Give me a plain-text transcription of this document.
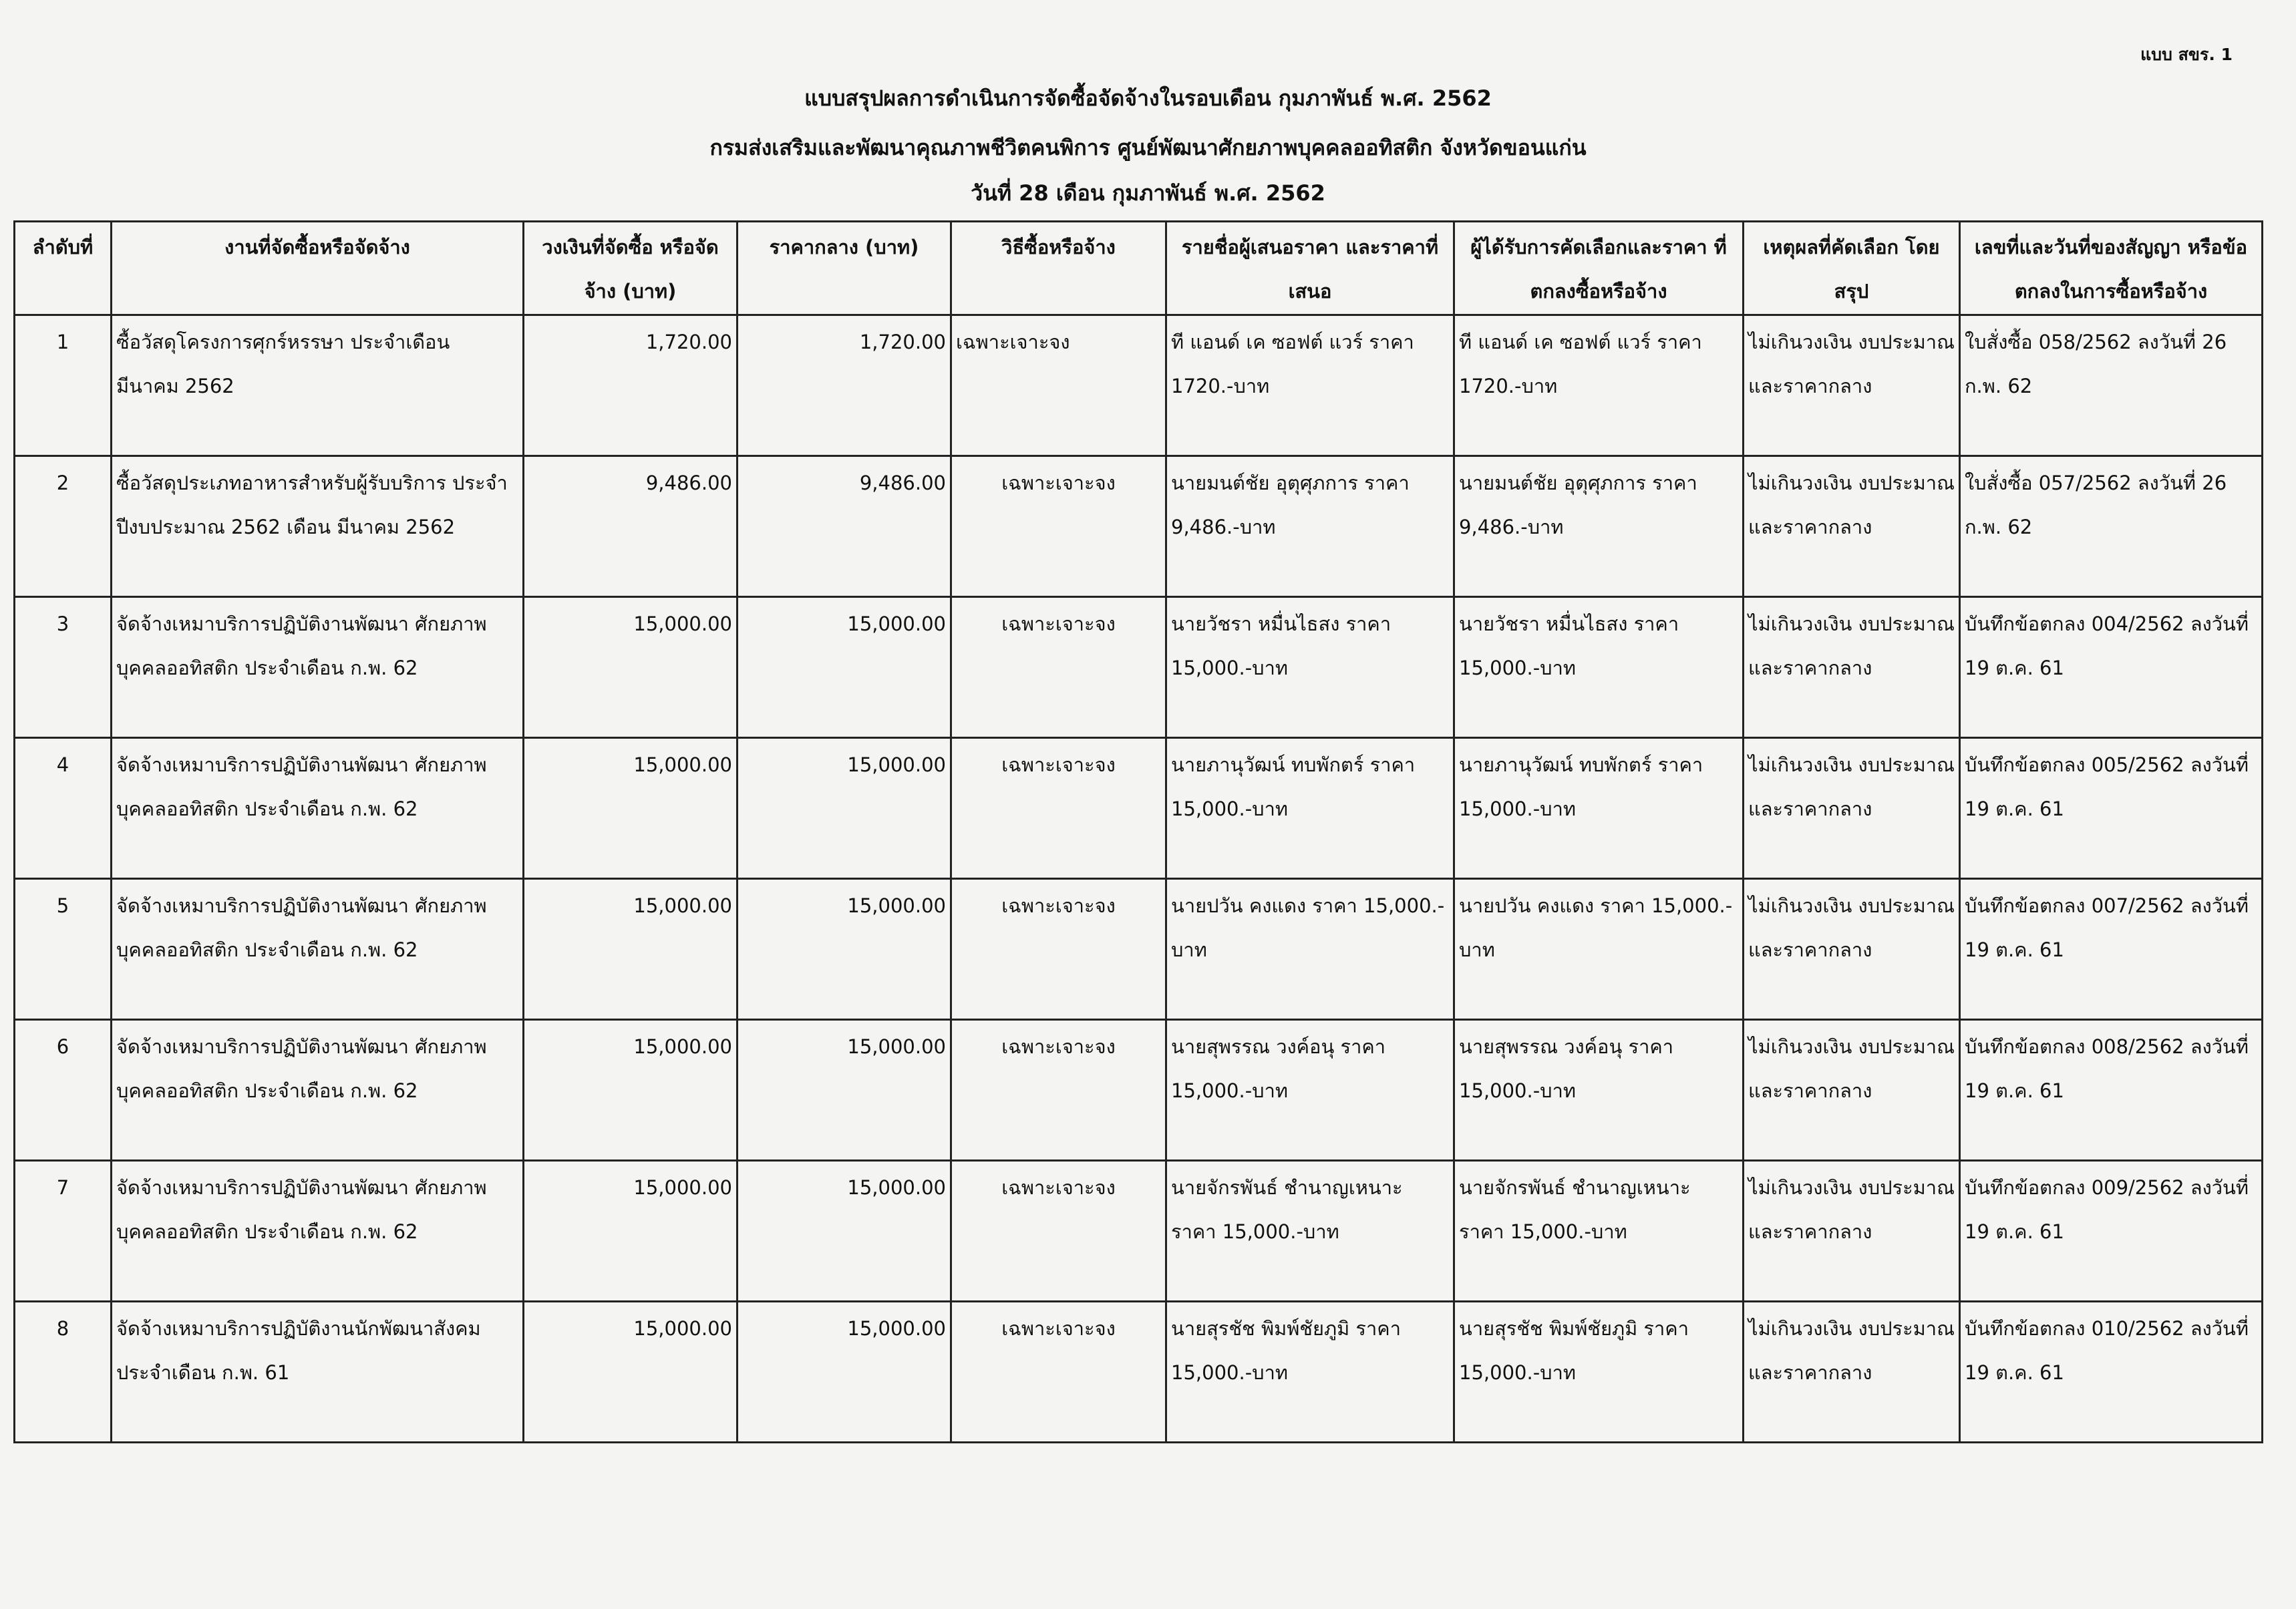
แบบ สขร. 1
แบบสรุปผลการดำเนินการจัดซื้อจัดจ้างในรอบเดือน กุมภาพันธ์ พ.ศ. 2562
กรมส่งเสริมและพัฒนาคุณภาพชีวิตคนพิการ ศูนย์พัฒนาศักยภาพบุคคลออทิสติก จังหวัดขอนแก่น
วันที่ 28 เดือน กุมภาพันธ์ พ.ศ. 2562
ลำดับที่	งานที่จัดซื้อหรือจัดจ้าง	วงเงินที่จัดซื้อ หรือจัดจ้าง (บาท)	ราคากลาง (บาท)	วิธีซื้อหรือจ้าง	รายชื่อผู้เสนอราคา และราคาที่เสนอ	ผู้ได้รับการคัดเลือกและราคา ที่ตกลงซื้อหรือจ้าง	เหตุผลที่คัดเลือก โดยสรุป	เลขที่และวันที่ของสัญญา หรือข้อตกลงในการซื้อหรือจ้าง
1	ซื้อวัสดุโครงการศุกร์หรรษา ประจำเดือน มีนาคม 2562	1,720.00	1,720.00	เฉพาะเจาะจง	ที แอนด์ เค ซอฟต์ แวร์ ราคา 1720.-บาท	ที แอนด์ เค ซอฟต์ แวร์ ราคา 1720.-บาท	ไม่เกินวงเงิน งบประมาณและราคากลาง	ใบสั่งซื้อ 058/2562 ลงวันที่ 26 ก.พ. 62
2	ซื้อวัสดุประเภทอาหารสำหรับผู้รับบริการ ประจำปีงบประมาณ 2562 เดือน มีนาคม 2562	9,486.00	9,486.00	เฉพาะเจาะจง	นายมนต์ชัย อุตุศุภการ ราคา 9,486.-บาท	นายมนต์ชัย อุตุศุภการ ราคา 9,486.-บาท	ไม่เกินวงเงิน งบประมาณและราคากลาง	ใบสั่งซื้อ 057/2562 ลงวันที่ 26 ก.พ. 62
3	จัดจ้างเหมาบริการปฏิบัติงานพัฒนา ศักยภาพบุคคลออทิสติก ประจำเดือน ก.พ. 62	15,000.00	15,000.00	เฉพาะเจาะจง	นายวัชรา หมื่นไธสง ราคา 15,000.-บาท	นายวัชรา หมื่นไธสง ราคา 15,000.-บาท	ไม่เกินวงเงิน งบประมาณและราคากลาง	บันทึกข้อตกลง 004/2562 ลงวันที่ 19 ต.ค. 61
4	จัดจ้างเหมาบริการปฏิบัติงานพัฒนา ศักยภาพบุคคลออทิสติก ประจำเดือน ก.พ. 62	15,000.00	15,000.00	เฉพาะเจาะจง	นายภานุวัฒน์ ทบพักตร์ ราคา 15,000.-บาท	นายภานุวัฒน์ ทบพักตร์ ราคา 15,000.-บาท	ไม่เกินวงเงิน งบประมาณและราคากลาง	บันทึกข้อตกลง 005/2562 ลงวันที่ 19 ต.ค. 61
5	จัดจ้างเหมาบริการปฏิบัติงานพัฒนา ศักยภาพบุคคลออทิสติก ประจำเดือน ก.พ. 62	15,000.00	15,000.00	เฉพาะเจาะจง	นายปวัน คงแดง ราคา 15,000.-บาท	นายปวัน คงแดง ราคา 15,000.-บาท	ไม่เกินวงเงิน งบประมาณและราคากลาง	บันทึกข้อตกลง 007/2562 ลงวันที่ 19 ต.ค. 61
6	จัดจ้างเหมาบริการปฏิบัติงานพัฒนา ศักยภาพบุคคลออทิสติก ประจำเดือน ก.พ. 62	15,000.00	15,000.00	เฉพาะเจาะจง	นายสุพรรณ วงค์อนุ ราคา 15,000.-บาท	นายสุพรรณ วงค์อนุ ราคา 15,000.-บาท	ไม่เกินวงเงิน งบประมาณและราคากลาง	บันทึกข้อตกลง 008/2562 ลงวันที่ 19 ต.ค. 61
7	จัดจ้างเหมาบริการปฏิบัติงานพัฒนา ศักยภาพบุคคลออทิสติก ประจำเดือน ก.พ. 62	15,000.00	15,000.00	เฉพาะเจาะจง	นายจักรพันธ์ ชำนาญเหนาะ ราคา 15,000.-บาท	นายจักรพันธ์ ชำนาญเหนาะ ราคา 15,000.-บาท	ไม่เกินวงเงิน งบประมาณและราคากลาง	บันทึกข้อตกลง 009/2562 ลงวันที่ 19 ต.ค. 61
8	จัดจ้างเหมาบริการปฏิบัติงานนักพัฒนาสังคม ประจำเดือน ก.พ. 61	15,000.00	15,000.00	เฉพาะเจาะจง	นายสุรชัช พิมพ์ชัยภูมิ ราคา 15,000.-บาท	นายสุรชัช พิมพ์ชัยภูมิ ราคา 15,000.-บาท	ไม่เกินวงเงิน งบประมาณและราคากลาง	บันทึกข้อตกลง 010/2562 ลงวันที่ 19 ต.ค. 61
